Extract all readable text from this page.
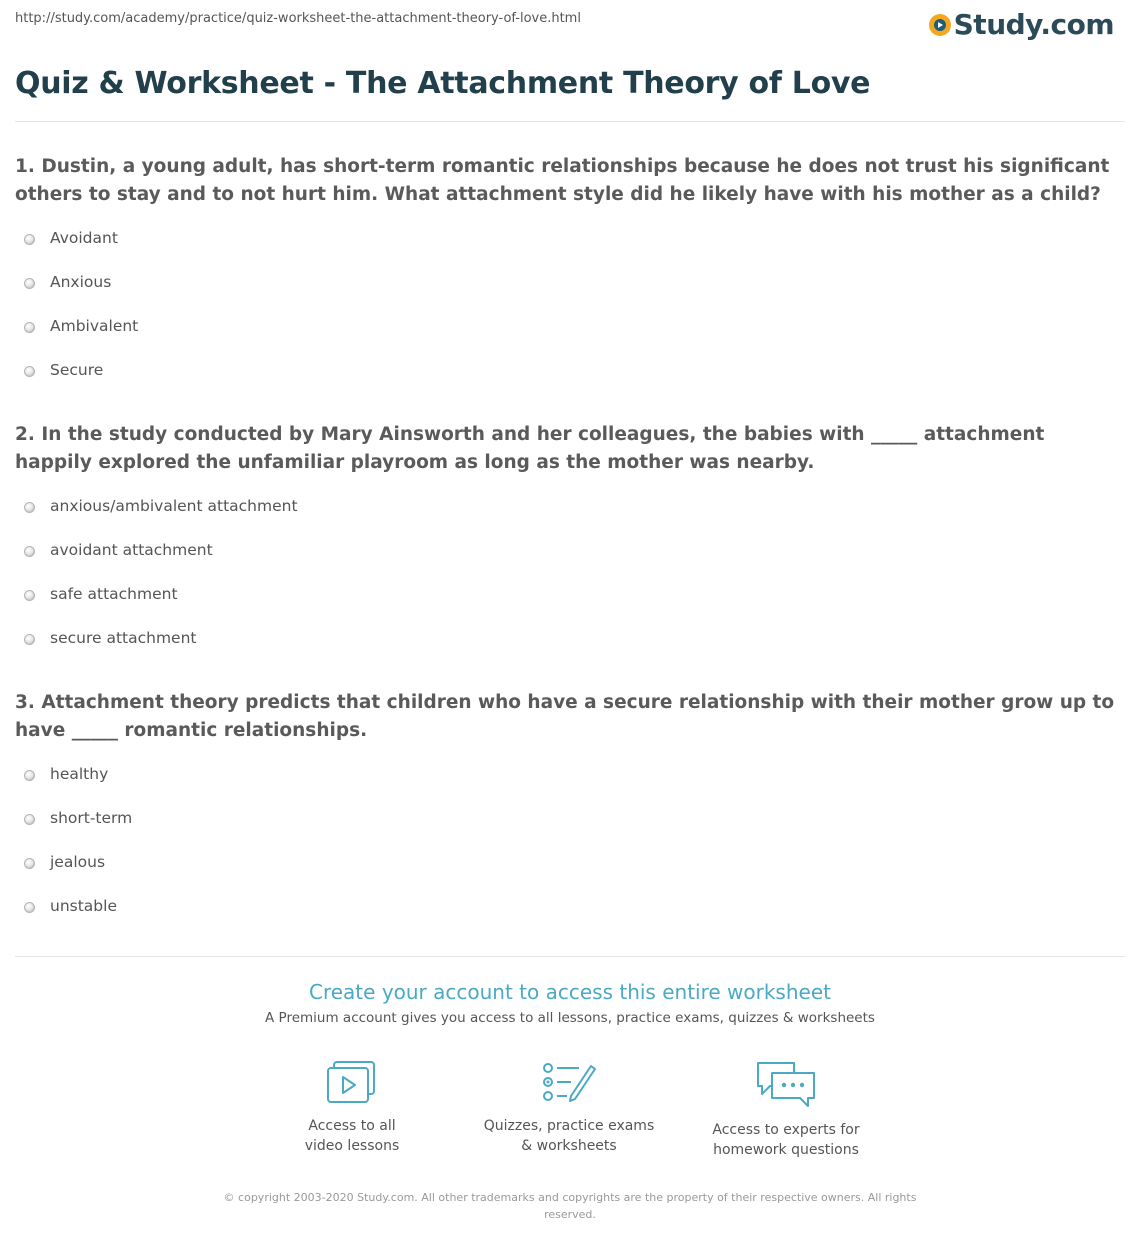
http://study.com/academy/practice/quiz-worksheet-the-attachment-theory-of-love.html	Study.com
Quiz & Worksheet - The Attachment Theory of Love

1. Dustin, a young adult, has short-term romantic relationships because he does not trust his significant others to stay and to not hurt him. What attachment style did he likely have with his mother as a child?

Avoidant
Anxious
Ambivalent
Secure

2. In the study conducted by Mary Ainsworth and her colleagues, the babies with _____ attachment happily explored the unfamiliar playroom as long as the mother was nearby.

anxious/ambivalent attachment
avoidant attachment
safe attachment
secure attachment

3. Attachment theory predicts that children who have a secure relationship with their mother grow up to have _____ romantic relationships.

healthy
short-term
jealous
unstable
Create your account to access this entire worksheet
A Premium account gives you access to all lessons, practice exams, quizzes & worksheets
Access to all
video lessons
Quizzes, practice exams
& worksheets
Access to experts for
homework questions
© copyright 2003-2020 Study.com. All other trademarks and copyrights are the property of their respective owners. All rights
reserved.
